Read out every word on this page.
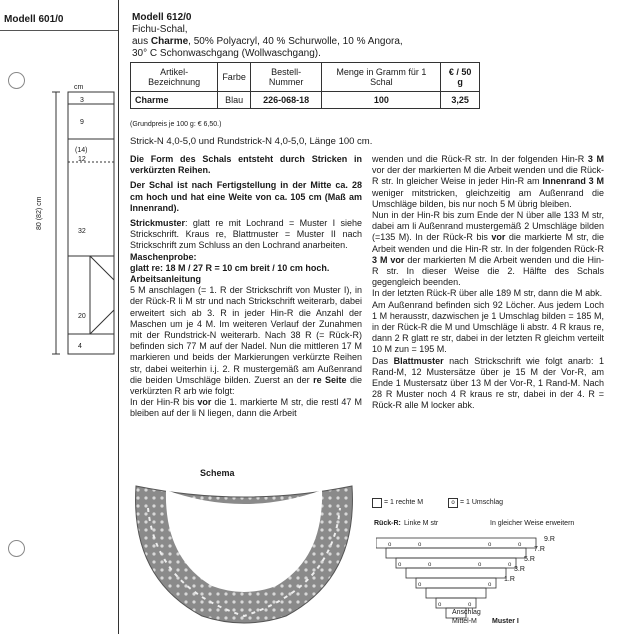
Modell 601/0
cm
3
9
(14)
12
32
20
4
80 (82) cm
Modell 612/0
Fichu-Schal,
aus Charme, 50% Polyacryl, 40 % Schurwolle, 10 % Angora,
30° C Schonwaschgang (Wollwaschgang).
Artikel-Bezeichnung	Farbe	Bestell-Nummer	Menge in Gramm für 1 Schal	€ / 50 g
Charme	Blau	226-068-18	100	3,25
(Grundpreis je 100 g: € 6,50.)
Strick-N 4,0-5,0 und Rundstrick-N 4,0-5,0, Länge 100 cm.
Die Form des Schals entsteht durch Stricken in verkürzten Reihen.
Der Schal ist nach Fertigstellung in der Mitte ca. 28 cm hoch und hat eine Weite von ca. 105 cm (Maß am Innenrand).
Strickmuster: glatt re mit Lochrand = Muster I siehe Strickschrift. Kraus re, Blattmuster = Muster II nach Strickschrift zum Schluss an den Lochrand anarbeiten.
Maschenprobe:
glatt re: 18 M / 27 R = 10 cm breit / 10 cm hoch.
Arbeitsanleitung
5 M anschlagen (= 1. R der Strickschrift von Muster I), in der Rück-R li M str und nach Strickschrift weiterarb, dabei erweitert sich ab 3. R in jeder Hin-R die Anzahl der Maschen um je 4 M. Im weiteren Verlauf der Zunahmen mit der Rundstrick-N weiterarb. Nach 38 R (= Rück-R) befinden sich 77 M auf der Nadel. Nun die mittleren 17 M markieren und beids der Markierungen verkürzte Reihen str, dabei weiterhin i.j. 2. R mustergemäß am Außenrand die beiden Umschläge bilden. Zuerst an der re Seite die verkürzten R arb wie folgt:
In der Hin-R bis vor die 1. markierte M str, die restl 47 M bleiben auf der li N liegen, dann die Arbeit
wenden und die Rück-R str. In der folgenden Hin-R 3 M vor der der markierten M die Arbeit wenden und die Rück-R str. In gleicher Weise in jeder Hin-R am Innenrand 3 M weniger mitstricken, gleichzeitig am Außenrand die Umschläge bilden, bis nur noch 5 M übrig bleiben.
Nun in der Hin-R bis zum Ende der N über alle 133 M str, dabei am li Außenrand mustergemäß 2 Umschläge bilden (=135 M). In der Rück-R bis vor die markierte M str, die Arbeit wenden und die Hin-R str. In der folgenden Rück-R 3 M vor der markierten M die Arbeit wenden und die Hin-R str. In dieser Weise die 2. Hälfte des Schals gegengleich beenden.
In der letzten Rück-R über alle 189 M str, dann die M abk.
Am Außenrand befinden sich 92 Löcher. Aus jedem Loch 1 M herausstr, dazwischen je 1 Umschlag bilden = 185 M, in der Rück-R die M und Umschläge li abstr. 4 R kraus re, dann 2 R glatt re str, dabei in der letzten R gleichm verteilt 10 M zun = 195 M.
Das Blattmuster nach Strickschrift wie folgt anarb: 1 Rand-M, 12 Mustersätze über je 15 M der Vor-R, am Ende 1 Mustersatz über 13 M der Vor-R, 1 Rand-M. Nach 28 R Muster noch 4 R kraus re str, dabei in der 4. R = Rück-R alle M locker abk.
Schema
= 1 rechte M	o = 1 Umschlag
Rück-R: Linke M str	In gleicher Weise erweitern
o	o	o	o
o	o	o	o
o	o
o	o
9.R
7.R
5.R
3.R
1.R
Anschlag
Mittel-M Muster I
